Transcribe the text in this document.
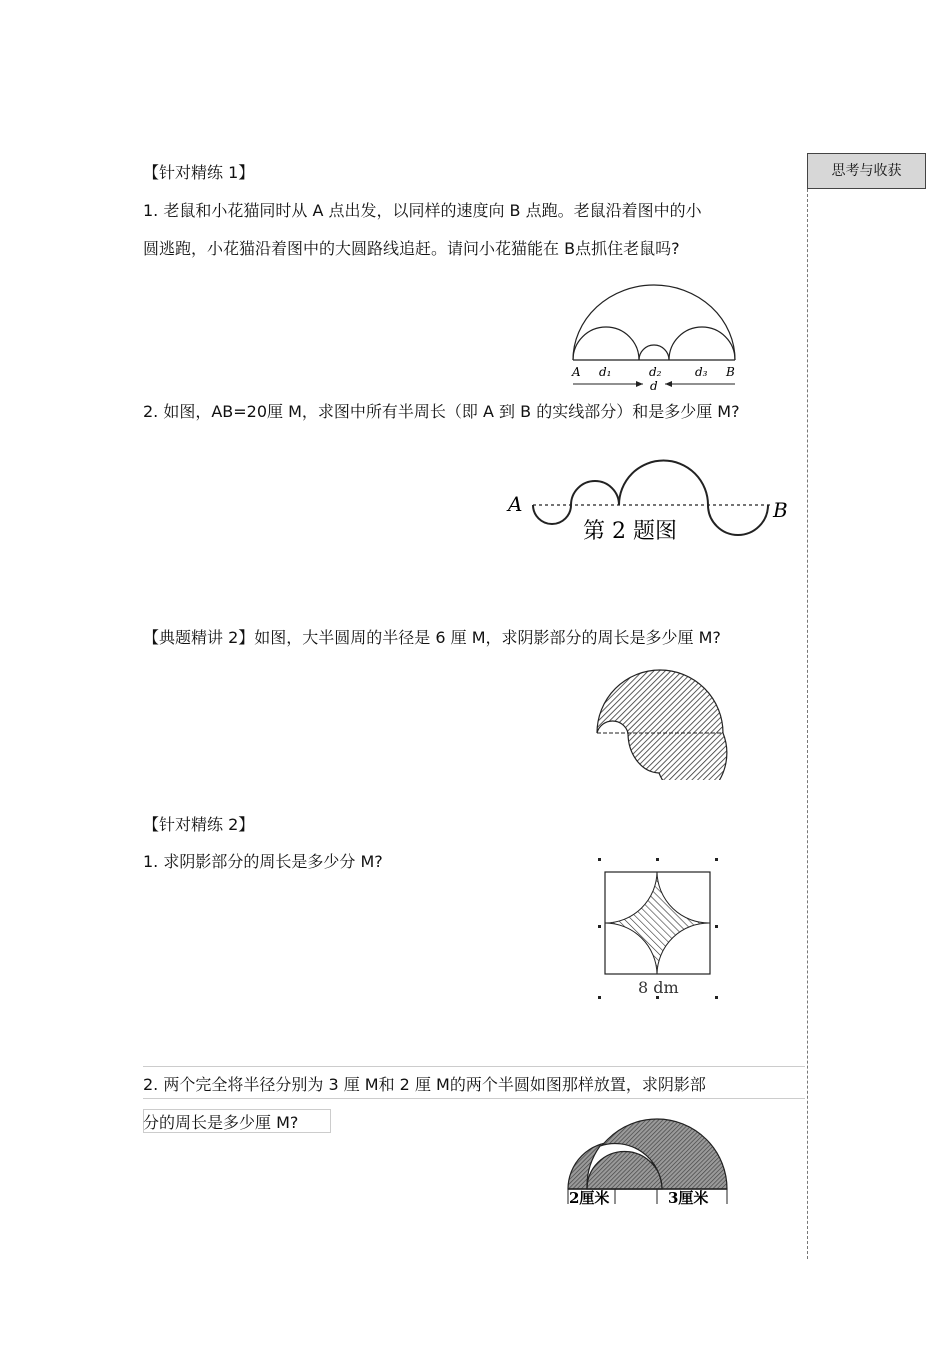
思考与收获
【针对精练 1】
1. 老鼠和小花猫同时从 A 点出发，以同样的速度向 B 点跑。老鼠沿着图中的小
圆逃跑，小花猫沿着图中的大圆路线追赶。请问小花猫能在 B点抓住老鼠吗?
A d₁	d₂	d₃ B
d
2. 如图，AB=20厘 M，求图中所有半周长（即 A 到 B 的实线部分）和是多少厘 M?
A	B
第 2 题图
【典题精讲 2】如图，大半圆周的半径是 6 厘 M，求阴影部分的周长是多少厘 M?
【针对精练 2】
1. 求阴影部分的周长是多少分 M?
8 dm
2. 两个完全将半径分别为 3 厘 M和 2 厘 M的两个半圆如图那样放置，求阴影部
分的周长是多少厘 M?
2厘米	3厘米
